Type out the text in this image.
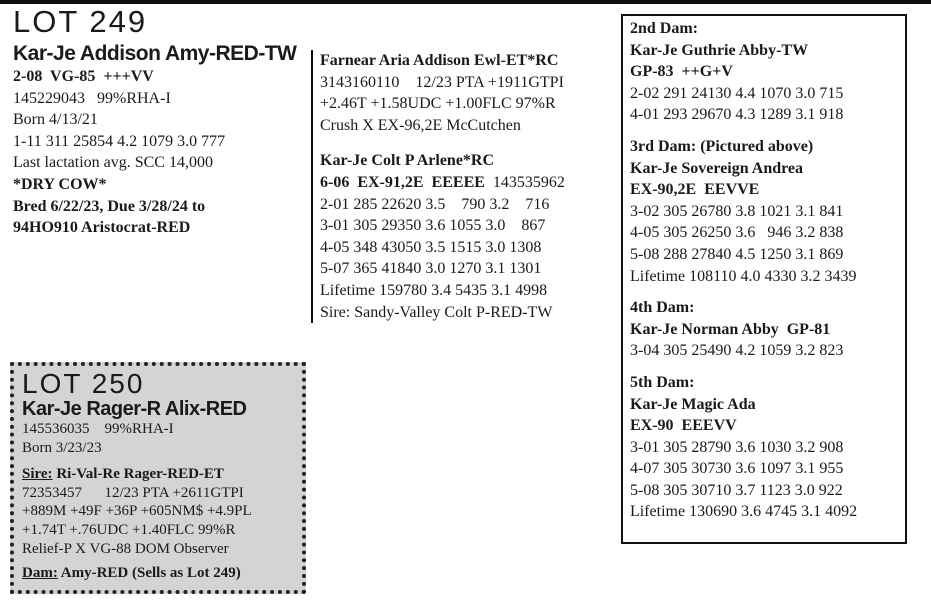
LOT 249
Kar-Je Addison Amy-RED-TW
2-08  VG-85  +++VV
145229043   99%RHA-I
Born 4/13/21
1-11 311 25854 4.2 1079 3.0 777
Last lactation avg. SCC 14,000
*DRY COW*
Bred 6/22/23, Due 3/28/24 to
94HO910 Aristocrat-RED
Farnear Aria Addison Ewl-ET*RC
3143160110    12/23 PTA +1911GTPI
+2.46T +1.58UDC +1.00FLC 97%R
Crush X EX-96,2E McCutchen
Kar-Je Colt P Arlene*RC
6-06  EX-91,2E  EEEEE  143535962
2-01 285 22620 3.5    790 3.2    716
3-01 305 29350 3.6 1055 3.0    867
4-05 348 43050 3.5 1515 3.0 1308
5-07 365 41840 3.0 1270 3.1 1301
Lifetime 159780 3.4 5435 3.1 4998
Sire: Sandy-Valley Colt P-RED-TW
2nd Dam:
Kar-Je Guthrie Abby-TW
GP-83  ++G+V
2-02 291 24130 4.4 1070 3.0 715
4-01 293 29670 4.3 1289 3.1 918
3rd Dam: (Pictured above)
Kar-Je Sovereign Andrea
EX-90,2E  EEVVE
3-02 305 26780 3.8 1021 3.1 841
4-05 305 26250 3.6   946 3.2 838
5-08 288 27840 4.5 1250 3.1 869
Lifetime 108110 4.0 4330 3.2 3439
4th Dam:
Kar-Je Norman Abby  GP-81
3-04 305 25490 4.2 1059 3.2 823
5th Dam:
Kar-Je Magic Ada
EX-90  EEEVV
3-01 305 28790 3.6 1030 3.2 908
4-07 305 30730 3.6 1097 3.1 955
5-08 305 30710 3.7 1123 3.0 922
Lifetime 130690 3.6 4745 3.1 4092
LOT 250
Kar-Je Rager-R Alix-RED
145536035    99%RHA-I
Born 3/23/23
Sire: Ri-Val-Re Rager-RED-ET
72353457      12/23 PTA +2611GTPI
+889M +49F +36P +605NM$ +4.9PL
+1.74T +.76UDC +1.40FLC 99%R
Relief-P X VG-88 DOM Observer
Dam: Amy-RED (Sells as Lot 249)
